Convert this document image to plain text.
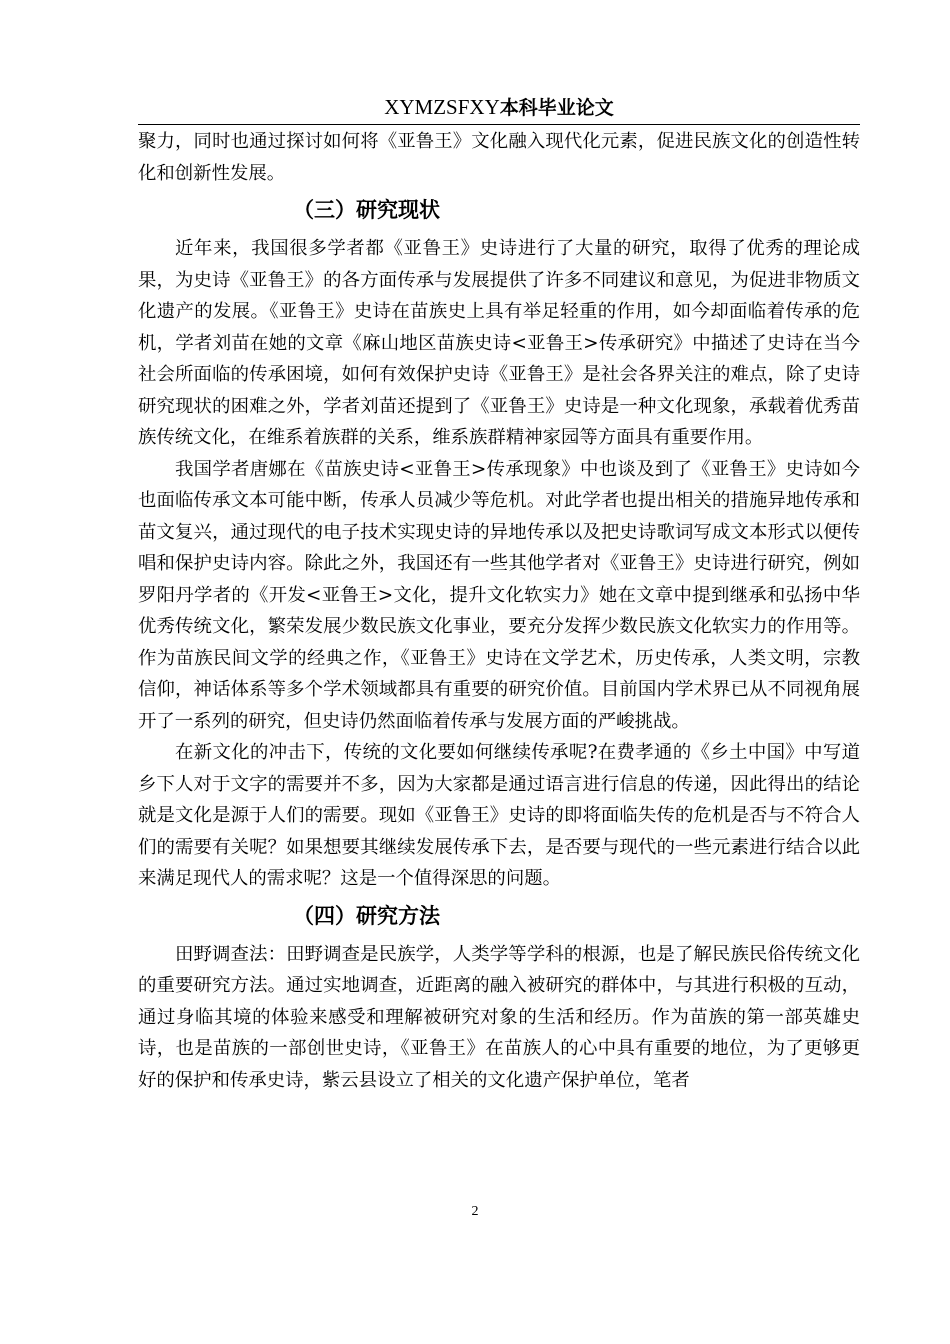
XYMZSFXY本科毕业论文

聚力，同时也通过探讨如何将《亚鲁王》文化融入现代化元素，促进民族文化的创造性转化和创新性发展。

（三）研究现状

近年来，我国很多学者都《亚鲁王》史诗进行了大量的研究，取得了优秀的理论成果，为史诗《亚鲁王》的各方面传承与发展提供了许多不同建议和意见，为促进非物质文化遗产的发展。《亚鲁王》史诗在苗族史上具有举足轻重的作用，如今却面临着传承的危机，学者刘苗在她的文章《麻山地区苗族史诗<亚鲁王>传承研究》中描述了史诗在当今社会所面临的传承困境，如何有效保护史诗《亚鲁王》是社会各界关注的难点，除了史诗研究现状的困难之外，学者刘苗还提到了《亚鲁王》史诗是一种文化现象，承载着优秀苗族传统文化，在维系着族群的关系，维系族群精神家园等方面具有重要作用。

我国学者唐娜在《苗族史诗<亚鲁王>传承现象》中也谈及到了《亚鲁王》史诗如今也面临传承文本可能中断，传承人员减少等危机。对此学者也提出相关的措施异地传承和苗文复兴，通过现代的电子技术实现史诗的异地传承以及把史诗歌词写成文本形式以便传唱和保护史诗内容。除此之外，我国还有一些其他学者对《亚鲁王》史诗进行研究，例如罗阳丹学者的《开发<亚鲁王>文化，提升文化软实力》她在文章中提到继承和弘扬中华优秀传统文化，繁荣发展少数民族文化事业，要充分发挥少数民族文化软实力的作用等。作为苗族民间文学的经典之作，《亚鲁王》史诗在文学艺术，历史传承，人类文明，宗教信仰，神话体系等多个学术领域都具有重要的研究价值。目前国内学术界已从不同视角展开了一系列的研究，但史诗仍然面临着传承与发展方面的严峻挑战。

在新文化的冲击下，传统的文化要如何继续传承呢?在费孝通的《乡土中国》中写道乡下人对于文字的需要并不多，因为大家都是通过语言进行信息的传递，因此得出的结论就是文化是源于人们的需要。现如《亚鲁王》史诗的即将面临失传的危机是否与不符合人们的需要有关呢？如果想要其继续发展传承下去，是否要与现代的一些元素进行结合以此来满足现代人的需求呢？这是一个值得深思的问题。

（四）研究方法

田野调查法：田野调查是民族学，人类学等学科的根源，也是了解民族民俗传统文化的重要研究方法。通过实地调查，近距离的融入被研究的群体中，与其进行积极的互动，通过身临其境的体验来感受和理解被研究对象的生活和经历。作为苗族的第一部英雄史诗，也是苗族的一部创世史诗，《亚鲁王》在苗族人的心中具有重要的地位，为了更够更好的保护和传承史诗，紫云县设立了相关的文化遗产保护单位，笔者

2
